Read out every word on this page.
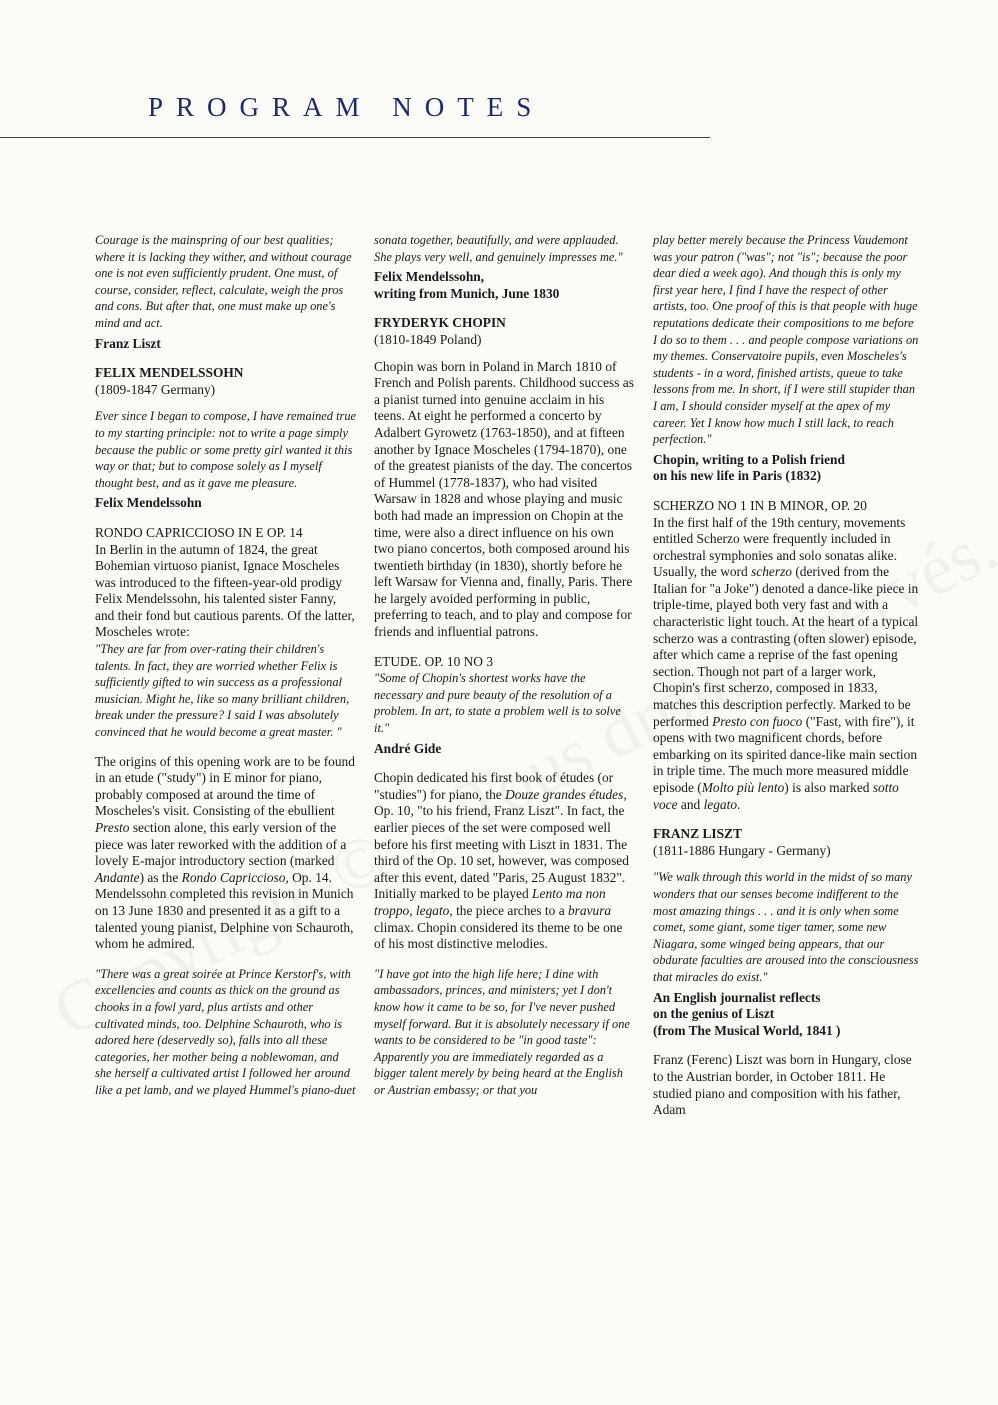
PROGRAM NOTES

Courage is the mainspring of our best qualities; where it is lacking they wither, and without courage one is not even sufficiently prudent. One must, of course, consider, reflect, calculate, weigh the pros and cons. But after that, one must make up one's mind and act.

Franz Liszt

FELIX MENDELSSOHN

(1809-1847 Germany)

Ever since I began to compose, I have remained true to my starting principle: not to write a page simply because the public or some pretty girl wanted it this way or that; but to compose solely as I myself thought best, and as it gave me pleasure.

Felix Mendelssohn

RONDO CAPRICCIOSO IN E OP. 14

In Berlin in the autumn of 1824, the great Bohemian virtuoso pianist, Ignace Moscheles was introduced to the fifteen-year-old prodigy Felix Mendelssohn, his talented sister Fanny, and their fond but cautious parents. Of the latter, Moscheles wrote:

"They are far from over-rating their children's talents. In fact, they are worried whether Felix is sufficiently gifted to win success as a professional musician. Might he, like so many brilliant children, break under the pressure? I said I was absolutely convinced that he would become a great master. "

The origins of this opening work are to be found in an etude ("study") in E minor for piano, probably composed at around the time of Moscheles's visit. Consisting of the ebullient Presto section alone, this early version of the piece was later reworked with the addition of a lovely E-major introductory section (marked Andante) as the Rondo Capriccioso, Op. 14. Mendelssohn completed this revision in Munich on 13 June 1830 and presented it as a gift to a talented young pianist, Delphine von Schauroth, whom he admired.

"There was a great soirée at Prince Kerstorf's, with excellencies and counts as thick on the ground as chooks in a fowl yard, plus artists and other cultivated minds, too. Delphine Schauroth, who is adored here (deservedly so), falls into all these categories, her mother being a noblewoman, and she herself a cultivated artist I followed her around like a pet lamb, and we played Hummel's piano-duet

sonata together, beautifully, and were applauded. She plays very well, and genuinely impresses me."

Felix Mendelssohn,

writing from Munich, June 1830

FRYDERYK CHOPIN

(1810-1849 Poland)

Chopin was born in Poland in March 1810 of French and Polish parents. Childhood success as a pianist turned into genuine acclaim in his teens. At eight he performed a concerto by Adalbert Gyrowetz (1763-1850), and at fifteen another by Ignace Moscheles (1794-1870), one of the greatest pianists of the day. The concertos of Hummel (1778-1837), who had visited Warsaw in 1828 and whose playing and music both had made an impression on Chopin at the time, were also a direct influence on his own two piano concertos, both composed around his twentieth birthday (in 1830), shortly before he left Warsaw for Vienna and, finally, Paris. There he largely avoided performing in public, preferring to teach, and to play and compose for friends and influential patrons.

ETUDE. OP. 10 NO 3

"Some of Chopin's shortest works have the necessary and pure beauty of the resolution of a problem. In art, to state a problem well is to solve it."

André Gide

Chopin dedicated his first book of études (or "studies") for piano, the Douze grandes études, Op. 10, "to his friend, Franz Liszt". In fact, the earlier pieces of the set were composed well before his first meeting with Liszt in 1831. The third of the Op. 10 set, however, was composed after this event, dated "Paris, 25 August 1832". Initially marked to be played Lento ma non troppo, legato, the piece arches to a bravura climax. Chopin considered its theme to be one of his most distinctive melodies.

"I have got into the high life here; I dine with ambassadors, princes, and ministers; yet I don't know how it came to be so, for I've never pushed myself forward. But it is absolutely necessary if one wants to be considered to be "in good taste": Apparently you are immediately regarded as a bigger talent merely by being heard at the English or Austrian embassy; or that you

play better merely because the Princess Vaudemont was your patron ("was"; not "is"; because the poor dear died a week ago). And though this is only my first year here, I find I have the respect of other artists, too. One proof of this is that people with huge reputations dedicate their compositions to me before I do so to them . . . and people compose variations on my themes. Conservatoire pupils, even Moscheles's students - in a word, finished artists, queue to take lessons from me. In short, if I were still stupider than I am, I should consider myself at the apex of my career. Yet I know how much I still lack, to reach perfection."

Chopin, writing to a Polish friend

on his new life in Paris (1832)

SCHERZO NO 1 IN B MINOR, OP. 20

In the first half of the 19th century, movements entitled Scherzo were frequently included in orchestral symphonies and solo sonatas alike. Usually, the word scherzo (derived from the Italian for "a Joke") denoted a dance-like piece in triple-time, played both very fast and with a characteristic light touch. At the heart of a typical scherzo was a contrasting (often slower) episode, after which came a reprise of the fast opening section. Though not part of a larger work, Chopin's first scherzo, composed in 1833, matches this description perfectly. Marked to be performed Presto con fuoco ("Fast, with fire"), it opens with two magnificent chords, before embarking on its spirited dance-like main section in triple time. The much more measured middle episode (Molto più lento) is also marked sotto voce and legato.

FRANZ LISZT

(1811-1886 Hungary - Germany)

"We walk through this world in the midst of so many wonders that our senses become indifferent to the most amazing things . . . and it is only when some comet, some giant, some tiger tamer, some new Niagara, some winged being appears, that our obdurate faculties are aroused into the consciousness that miracles do exist."

An English journalist reflects

on the genius of Liszt

(from The Musical World, 1841 )

Franz (Ferenc) Liszt was born in Hungary, close to the Austrian border, in October 1811. He studied piano and composition with his father, Adam
